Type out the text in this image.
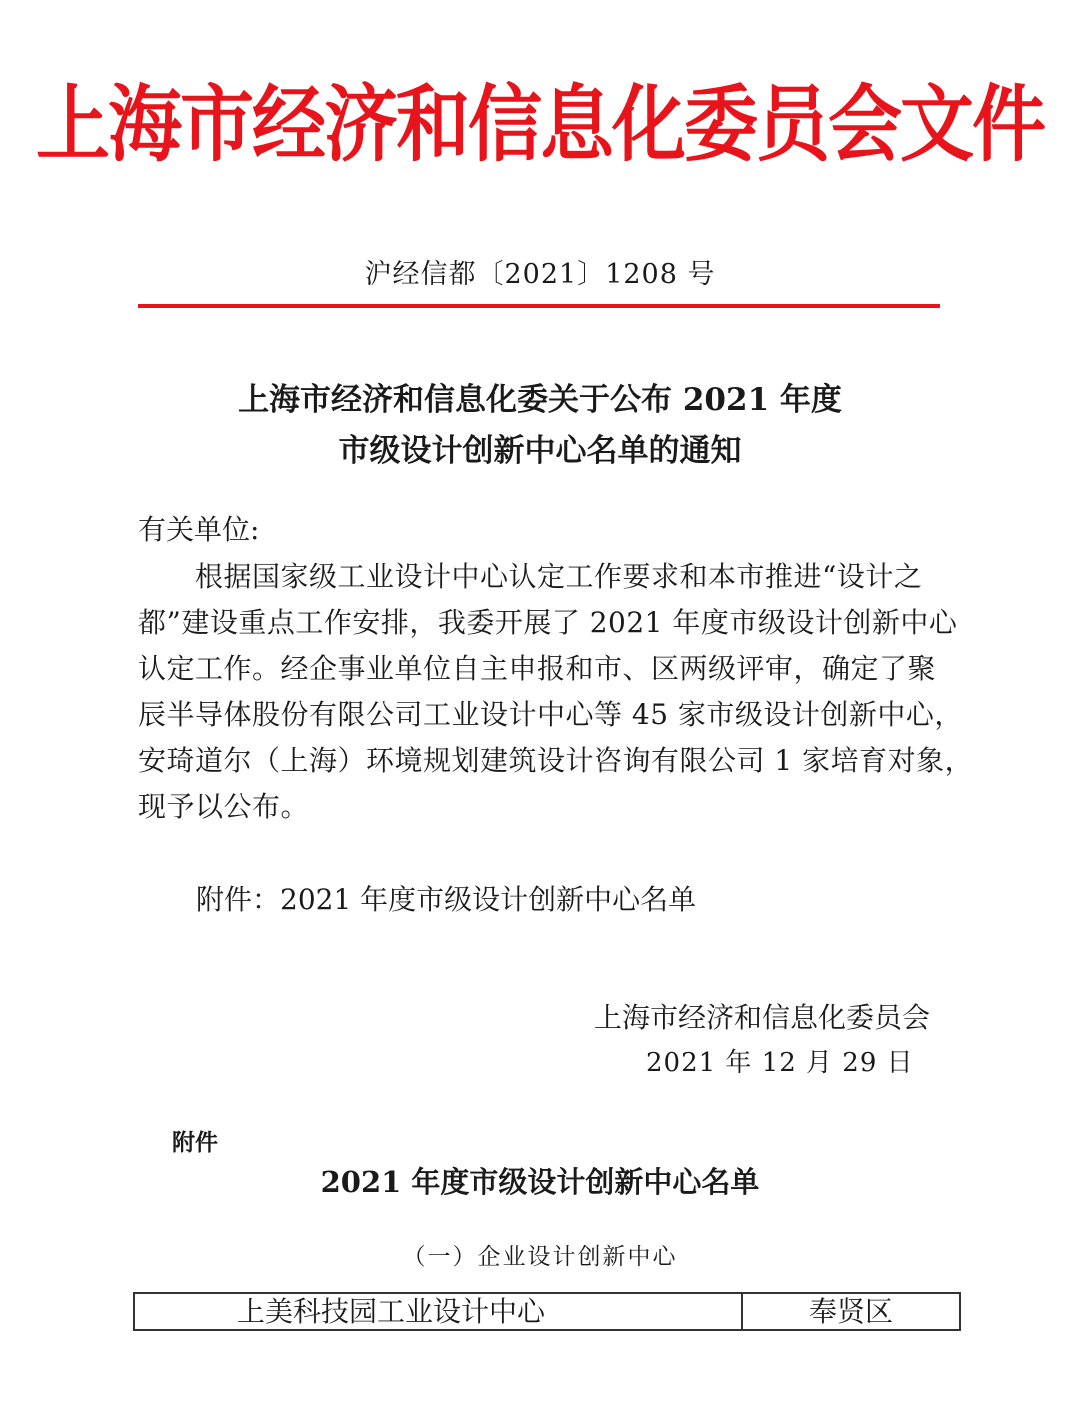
上海市经济和信息化委员会文件
沪经信都〔2021〕1208 号
上海市经济和信息化委关于公布 2021 年度
市级设计创新中心名单的通知
有关单位:
　　根据国家级工业设计中心认定工作要求和本市推进“设计之
都”建设重点工作安排，我委开展了 2021 年度市级设计创新中心
认定工作。经企事业单位自主申报和市、区两级评审，确定了聚
辰半导体股份有限公司工业设计中心等 45 家市级设计创新中心，
安琦道尔（上海）环境规划建筑设计咨询有限公司 1 家培育对象，
现予以公布。
附件：2021 年度市级设计创新中心名单
上海市经济和信息化委员会
2021 年 12 月 29 日
附件
2021 年度市级设计创新中心名单
（一）企业设计创新中心
上美科技园工业设计中心	奉贤区
